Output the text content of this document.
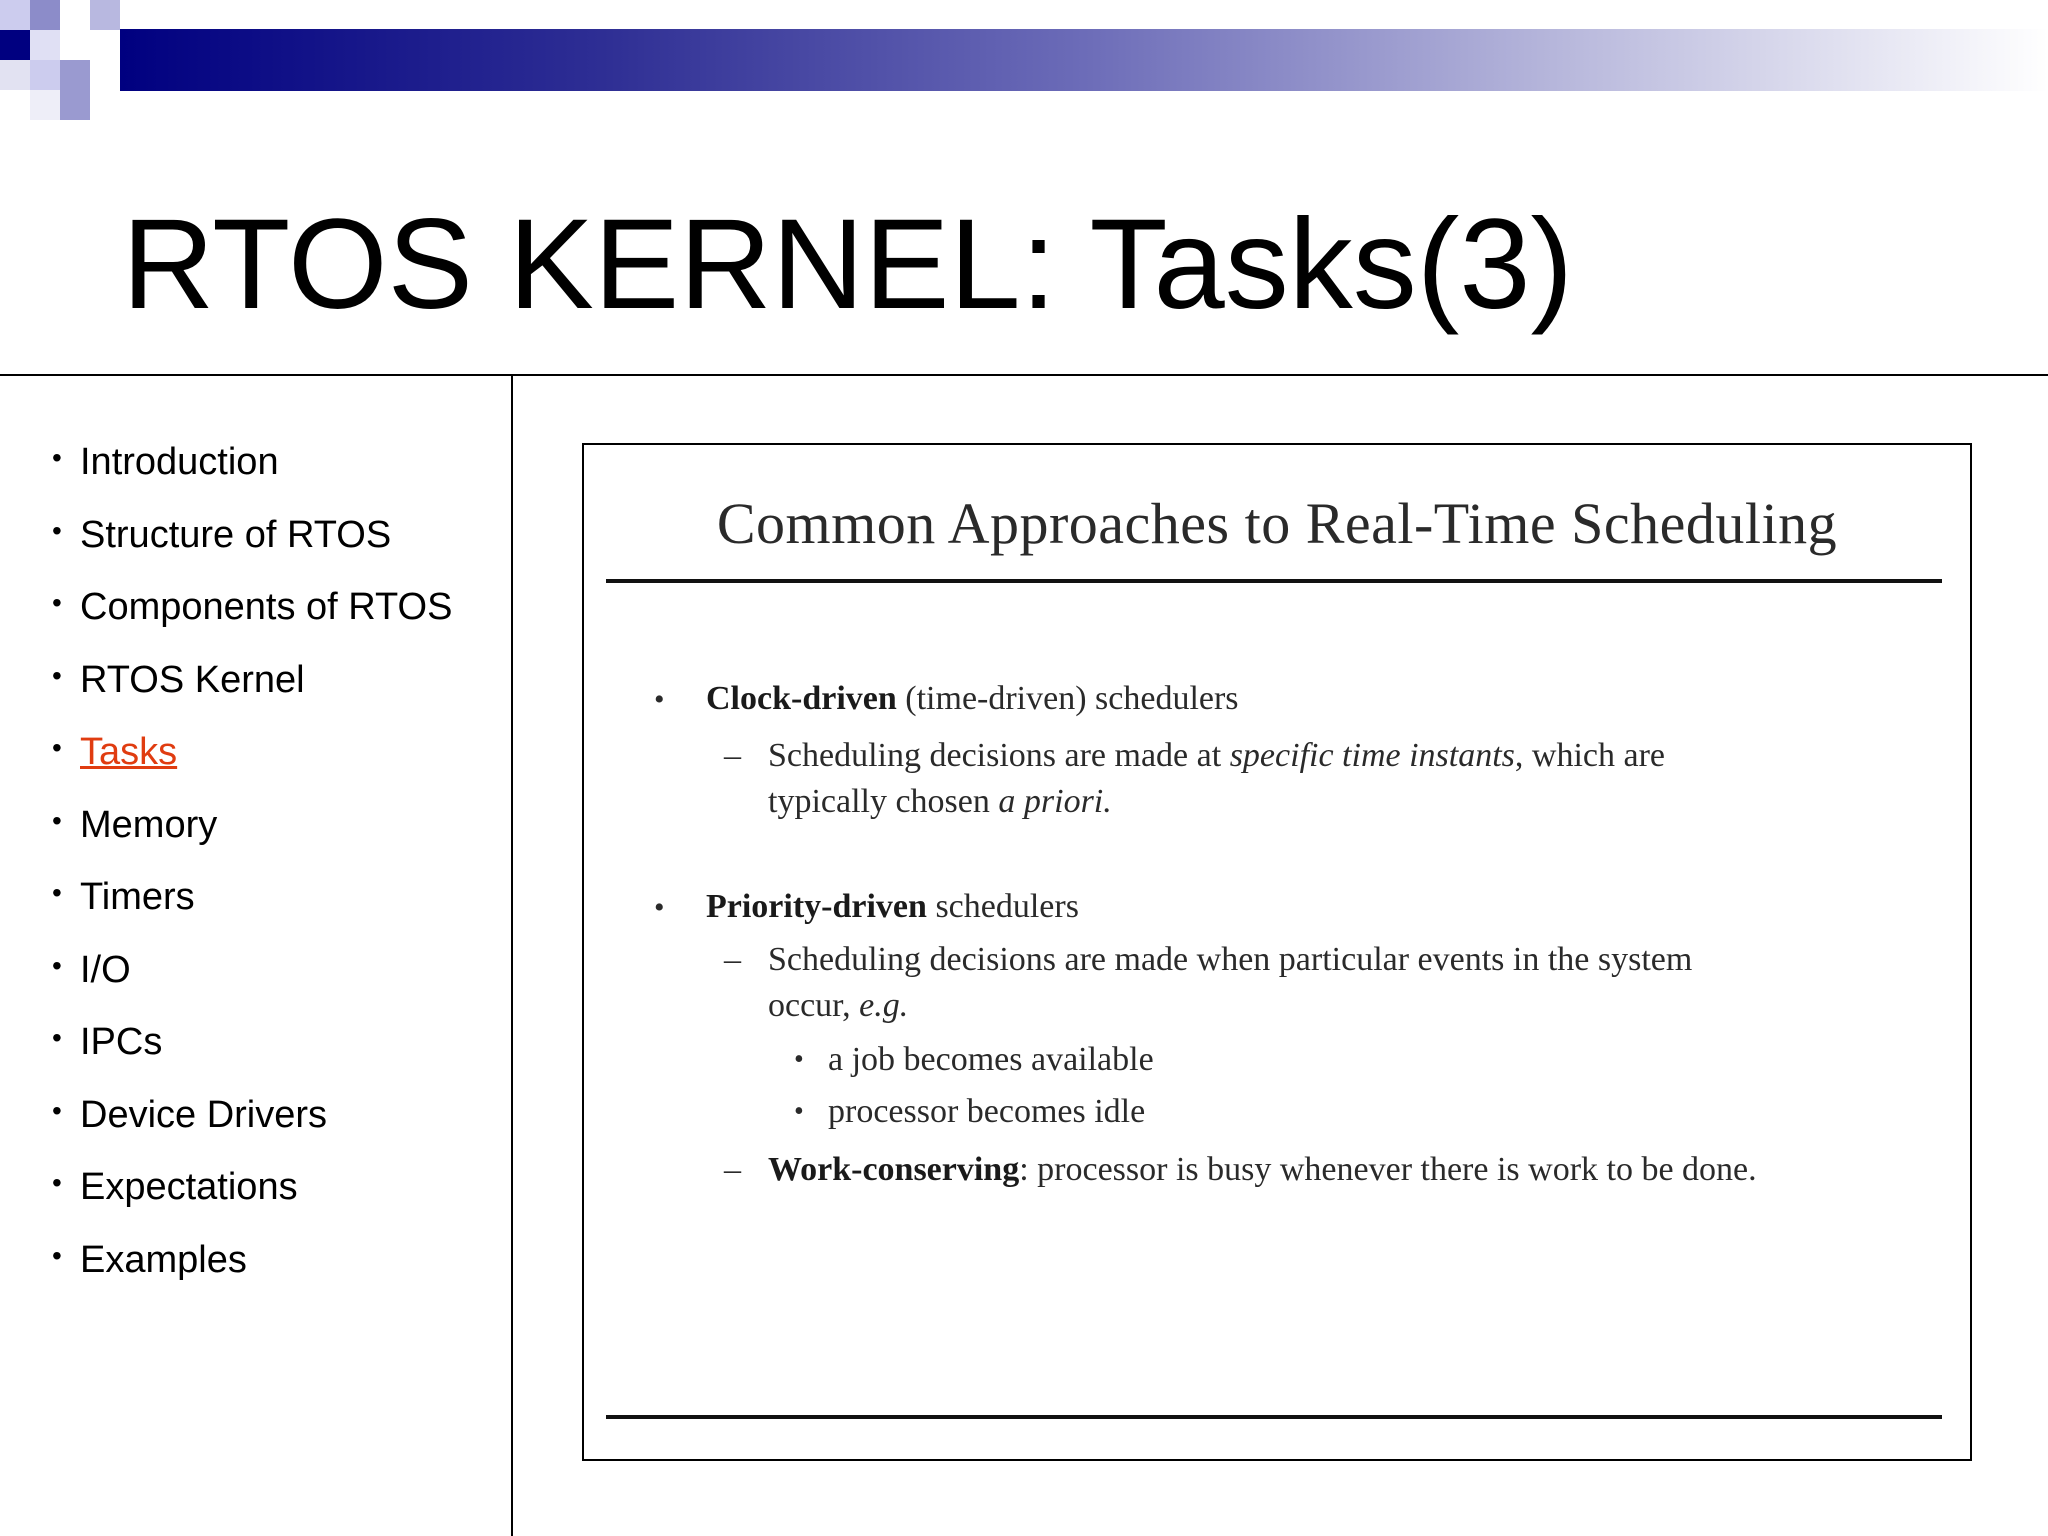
RTOS KERNEL: Tasks(3)
• Introduction
• Structure of RTOS
• Components of RTOS
• RTOS Kernel
• Tasks
• Memory
• Timers
• I/O
• IPCs
• Device Drivers
• Expectations
• Examples
Common Approaches to Real-Time Scheduling
• Clock-driven (time-driven) schedulers
– Scheduling decisions are made at specific time instants, which are
typically chosen a priori.
• Priority-driven schedulers
– Scheduling decisions are made when particular events in the system
occur, e.g.
• a job becomes available
• processor becomes idle
– Work-conserving: processor is busy whenever there is work to be done.
